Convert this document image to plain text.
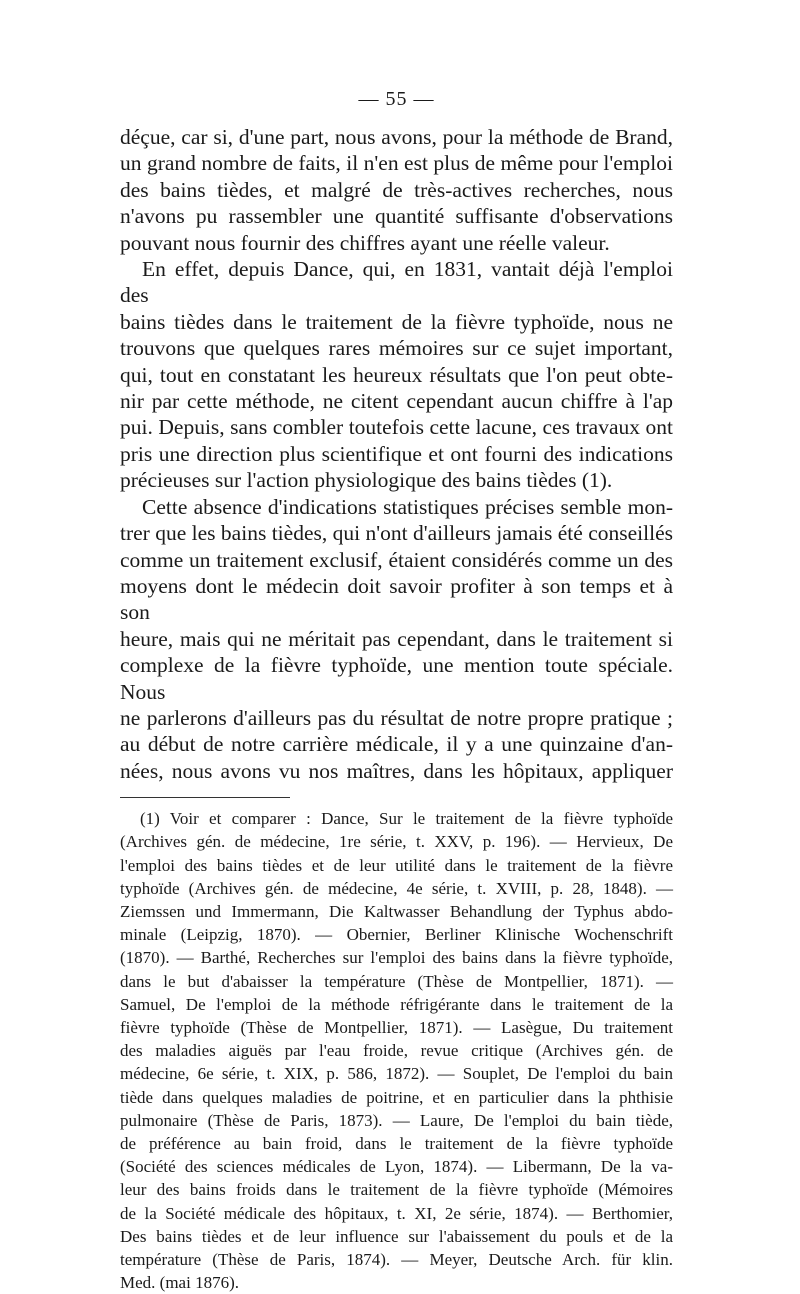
— 55 —

déçue, car si, d'une part, nous avons, pour la méthode de Brand,

un grand nombre de faits, il n'en est plus de même pour l'emploi

des bains tièdes, et malgré de très-actives recherches, nous

n'avons pu rassembler une quantité suffisante d'observations

pouvant nous fournir des chiffres ayant une réelle valeur.

En effet, depuis Dance, qui, en 1831, vantait déjà l'emploi des

bains tièdes dans le traitement de la fièvre typhoïde, nous ne

trouvons que quelques rares mémoires sur ce sujet important,

qui, tout en constatant les heureux résultats que l'on peut obte-

nir par cette méthode, ne citent cependant aucun chiffre à l'ap

pui. Depuis, sans combler toutefois cette lacune, ces travaux ont

pris une direction plus scientifique et ont fourni des indications

précieuses sur l'action physiologique des bains tièdes (1).

Cette absence d'indications statistiques précises semble mon-

trer que les bains tièdes, qui n'ont d'ailleurs jamais été conseillés

comme un traitement exclusif, étaient considérés comme un des

moyens dont le médecin doit savoir profiter à son temps et à son

heure, mais qui ne méritait pas cependant, dans le traitement si

complexe de la fièvre typhoïde, une mention toute spéciale. Nous

ne parlerons d'ailleurs pas du résultat de notre propre pratique ;

au début de notre carrière médicale, il y a une quinzaine d'an-

nées, nous avons vu nos maîtres, dans les hôpitaux, appliquer

(1) Voir et comparer : Dance, Sur le traitement de la fièvre typhoïde
(Archives gén. de médecine, 1re série, t. XXV, p. 196). — Hervieux, De
l'emploi des bains tièdes et de leur utilité dans le traitement de la fièvre
typhoïde (Archives gén. de médecine, 4e série, t. XVIII, p. 28, 1848). —
Ziemssen und Immermann, Die Kaltwasser Behandlung der Typhus abdo-
minale (Leipzig, 1870). — Obernier, Berliner Klinische Wochenschrift
(1870). — Barthé, Recherches sur l'emploi des bains dans la fièvre typhoïde,
dans le but d'abaisser la température (Thèse de Montpellier, 1871). —
Samuel, De l'emploi de la méthode réfrigérante dans le traitement de la
fièvre typhoïde (Thèse de Montpellier, 1871). — Lasègue, Du traitement
des maladies aiguës par l'eau froide, revue critique (Archives gén. de
médecine, 6e série, t. XIX, p. 586, 1872). — Souplet, De l'emploi du bain
tiède dans quelques maladies de poitrine, et en particulier dans la phthisie
pulmonaire (Thèse de Paris, 1873). — Laure, De l'emploi du bain tiède,
de préférence au bain froid, dans le traitement de la fièvre typhoïde
(Société des sciences médicales de Lyon, 1874). — Libermann, De la va-
leur des bains froids dans le traitement de la fièvre typhoïde (Mémoires
de la Société médicale des hôpitaux, t. XI, 2e série, 1874). — Berthomier,
Des bains tièdes et de leur influence sur l'abaissement du pouls et de la
température (Thèse de Paris, 1874). — Meyer, Deutsche Arch. für klin.
Med. (mai 1876).
